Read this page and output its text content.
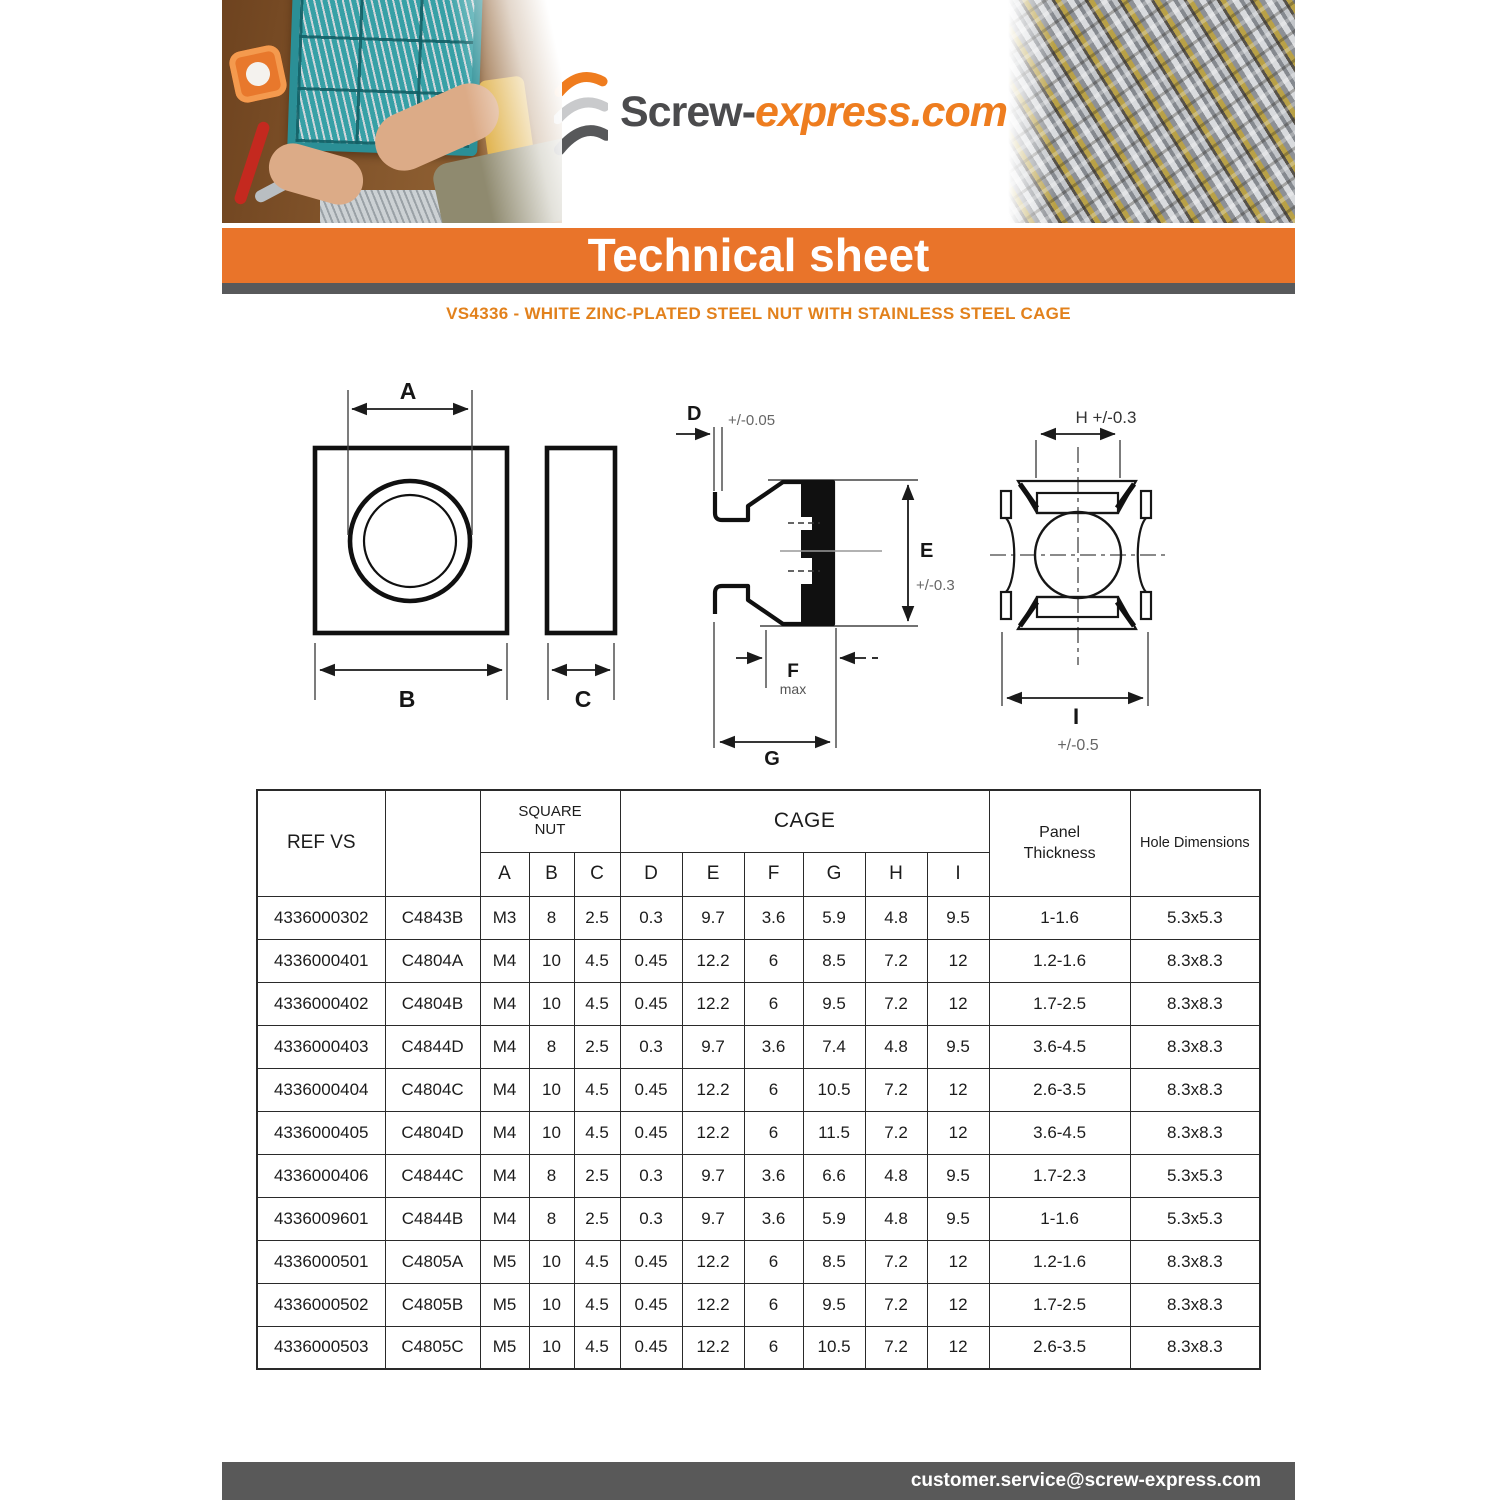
Screw-express.com
Technical sheet
VS4336 - WHITE ZINC-PLATED STEEL NUT WITH STAINLESS STEEL CAGE
A
B	C
D +/-0.05
E
+/-0.3
F
max
G
H +/-0.3
I
+/-0.5
REF VS		SQUARE NUT			CAGE						Panel Thickness	Hole Dimensions
		A	B	C	D	E	F	G	H	I		
4336000302	C4843B	M3	8	2.5	0.3	9.7	3.6	5.9	4.8	9.5	1-1.6	5.3x5.3
4336000401	C4804A	M4	10	4.5	0.45	12.2	6	8.5	7.2	12	1.2-1.6	8.3x8.3
4336000402	C4804B	M4	10	4.5	0.45	12.2	6	9.5	7.2	12	1.7-2.5	8.3x8.3
4336000403	C4844D	M4	8	2.5	0.3	9.7	3.6	7.4	4.8	9.5	3.6-4.5	8.3x8.3
4336000404	C4804C	M4	10	4.5	0.45	12.2	6	10.5	7.2	12	2.6-3.5	8.3x8.3
4336000405	C4804D	M4	10	4.5	0.45	12.2	6	11.5	7.2	12	3.6-4.5	8.3x8.3
4336000406	C4844C	M4	8	2.5	0.3	9.7	3.6	6.6	4.8	9.5	1.7-2.3	5.3x5.3
4336009601	C4844B	M4	8	2.5	0.3	9.7	3.6	5.9	4.8	9.5	1-1.6	5.3x5.3
4336000501	C4805A	M5	10	4.5	0.45	12.2	6	8.5	7.2	12	1.2-1.6	8.3x8.3
4336000502	C4805B	M5	10	4.5	0.45	12.2	6	9.5	7.2	12	1.7-2.5	8.3x8.3
4336000503	C4805C	M5	10	4.5	0.45	12.2	6	10.5	7.2	12	2.6-3.5	8.3x8.3
customer.service@screw-express.com
